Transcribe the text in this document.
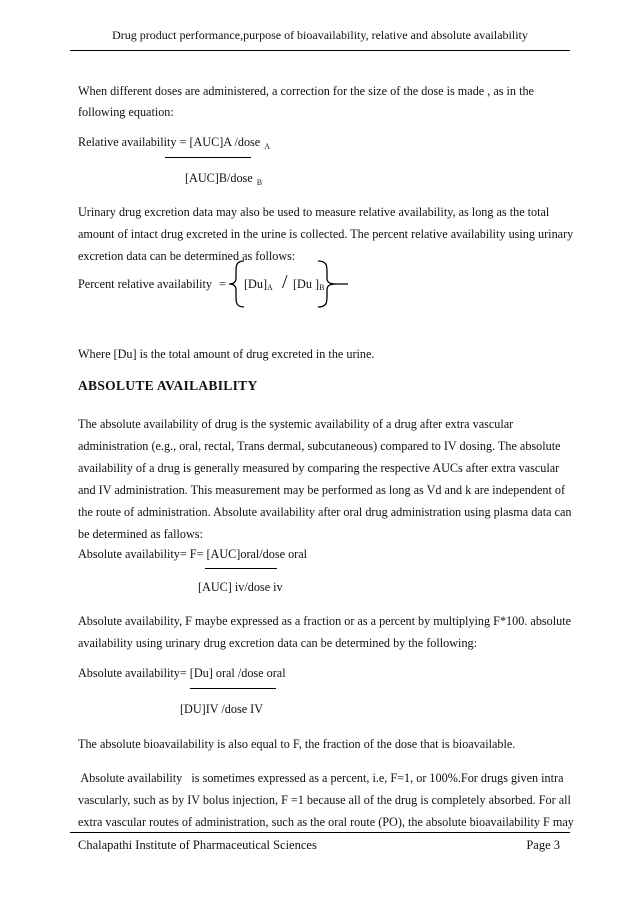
Drug product performance,purpose of bioavailability, relative and absolute availability
When different doses are administered, a correction for the size of the dose is made , as in the
following equation:
Relative availability = [AUC]A /dose $_A$
[AUC]B/dose $_B$
Urinary drug excretion data may also be used to measure relative availability, as long as the total
amount of intact drug excreted in the urine is collected. The percent relative availability using urinary
excretion data can be determined as follows:
Percent relative availability = $[Du]_A / [Du$ ]$_B$
Where [Du] is the total amount of drug excreted in the urine.
ABSOLUTE AVAILABILITY
The absolute availability of drug is the systemic availability of a drug after extra vascular
administration (e.g., oral, rectal, Trans dermal, subcutaneous) compared to IV dosing. The absolute
availability of a drug is generally measured by comparing the respective AUCs after extra vascular
and IV administration. This measurement may be performed as long as Vd and k are independent of
the route of administration. Absolute availability after oral drug administration using plasma data can
be determined as fallows:
Absolute availability= F= [AUC]oral/dose oral
[AUC] iv/dose iv
Absolute availability, F maybe expressed as a fraction or as a percent by multiplying F*100. absolute
availability using urinary drug excretion data can be determined by the following:
Absolute availability= [Du] oral /dose oral
[DU]IV /dose IV
The absolute bioavailability is also equal to F, the fraction of the dose that is bioavailable.
Absolute availability   is sometimes expressed as a percent, i.e, F=1, or 100%.For drugs given intra
vascularly, such as by IV bolus injection, F =1 because all of the drug is completely absorbed. For all
extra vascular routes of administration, such as the oral route (PO), the absolute bioavailability F may
Chalapathi Institute of Pharmaceutical Sciences	Page 3
